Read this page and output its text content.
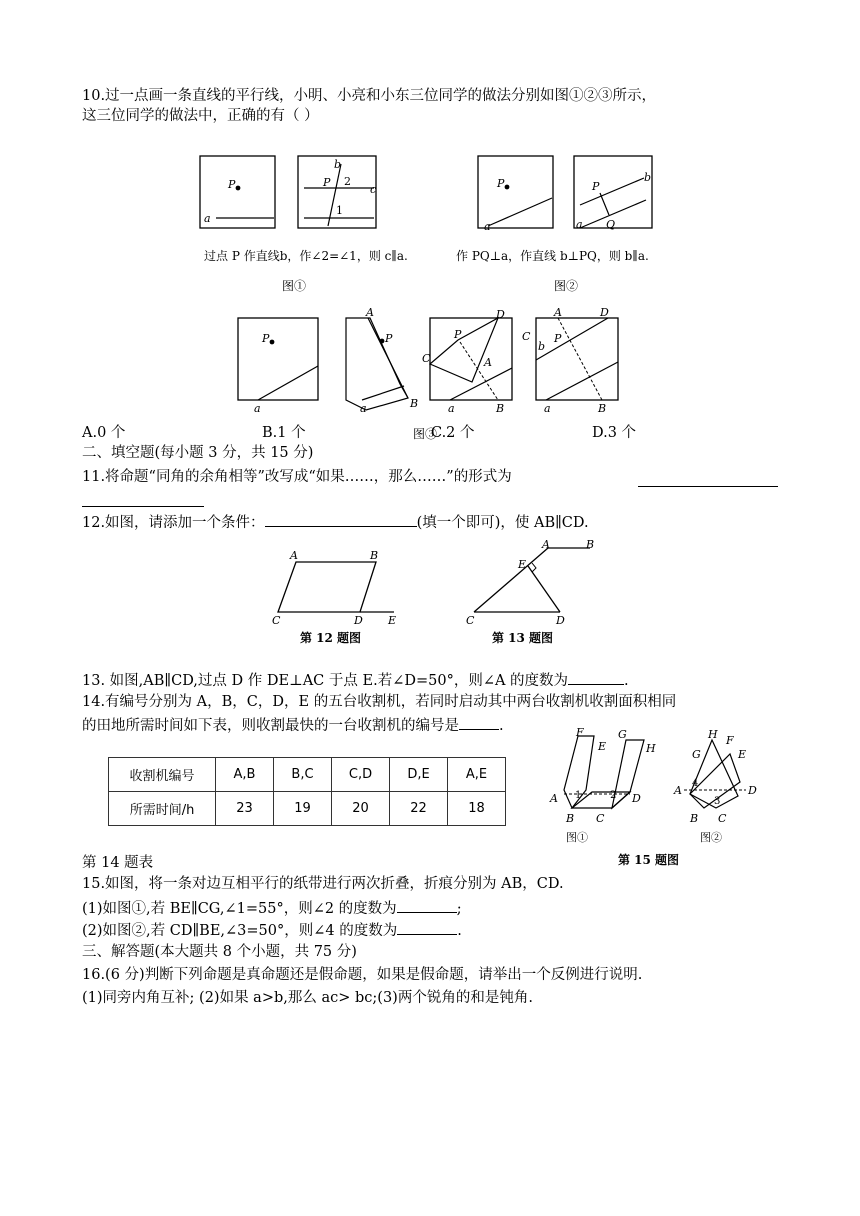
10.过一点画一条直线的平行线，小明、小亮和小东三位同学的做法分别如图①②③所示，
这三位同学的做法中，正确的有（ ）
P
a
b
2
c
1
P
过点 P 作直线b，作∠2=∠1，则 c∥a.
图①
P
a
b
P
Q
a
作 PQ⊥a，作直线 b⊥PQ，则 b∥a.
图②
P
a
P
A
B
a
C
P
D
A
B
a
A	D
C
b
P
B
a
A.0 个	B.1 个	图③
C.2 个	D.3 个
二、填空题(每小题 3 分，共 15 分)
11.将命题“同角的余角相等”改写成“如果……，那么……”的形式为
12.如图，请添加一个条件：	(填一个即可)，使 AB∥CD.
A	B
C	D E
第 12 题图
A	B
E
C	D
第 13 题图
13. 如图,AB∥CD,过点 D 作 DE⊥AC 于点 E.若∠D=50°，则∠A 的度数为	.
14.有编号分别为 A，B，C，D，E 的五台收割机，若同时启动其中两台收割机收割面积相同
的田地所需时间如下表，则收割最快的一台收割机的编号是	.
收割机编号	A,B	B,C	C,D	D,E	A,E
所需时间/h	23	19	20	22	18
F
E
G
H
A
B C
D
1	2
G
H F
E
A	D
B C
4
3
图①	图②
第 15 题图
第 14 题表
15.如图，将一条对边互相平行的纸带进行两次折叠，折痕分别为 AB，CD.
(1)如图①,若 BE∥CG,∠1=55°，则∠2 的度数为	;
(2)如图②,若 CD∥BE,∠3=50°，则∠4 的度数为	.
三、解答题(本大题共 8 个小题，共 75 分)
16.(6 分)判断下列命题是真命题还是假命题，如果是假命题，请举出一个反例进行说明.
(1)同旁内角互补; (2)如果 a>b,那么 ac> bc;(3)两个锐角的和是钝角.
